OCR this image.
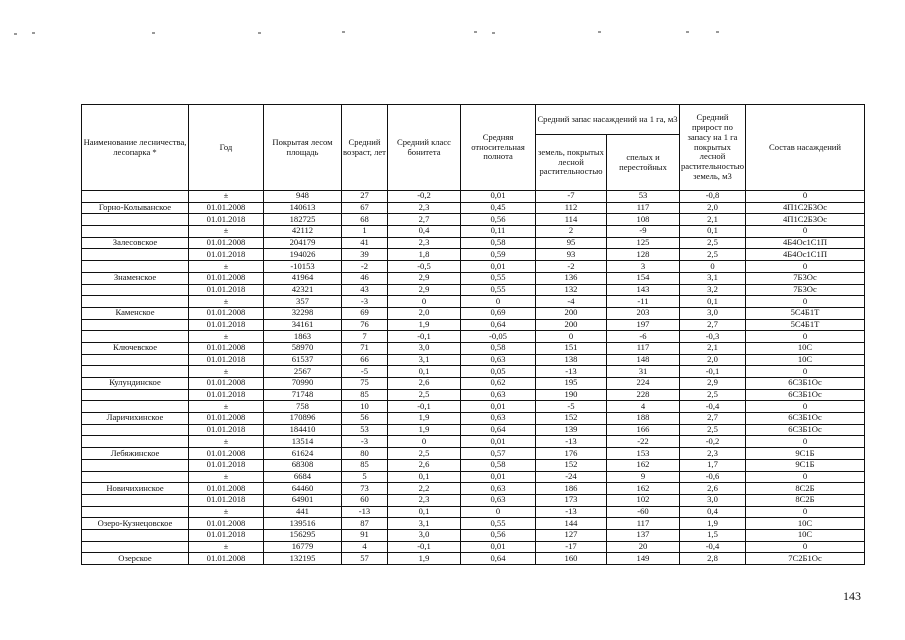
Наименование лесничества, лесопарка *	Год	Покрытая лесом площадь	Средний возраст, лет	Средний класс бонитета	Средняя относительная полнота	Средний запас насаждений на 1 га, м3		Средний прирост по запасу на 1 га покрытых лесной растительностью земель, м3	Состав насаждений
						земель, покрытых лесной растительностью	спелых и перестойных		
	±	948	27	-0,2	0,01	-7	53	-0,8	0
Горно-Колыванское	01.01.2008	140613	67	2,3	0,45	112	117	2,0	4П1С2Б3Ос
	01.01.2018	182725	68	2,7	0,56	114	108	2,1	4П1С2Б3Ос
	±	42112	1	0,4	0,11	2	-9	0,1	0
Залесовское	01.01.2008	204179	41	2,3	0,58	95	125	2,5	4Б4Ос1С1П
	01.01.2018	194026	39	1,8	0,59	93	128	2,5	4Б4Ос1С1П
	±	-10153	-2	-0,5	0,01	-2	3	0	0
Знаменское	01.01.2008	41964	46	2,9	0,55	136	154	3,1	7Б3Ос
	01.01.2018	42321	43	2,9	0,55	132	143	3,2	7Б3Ос
	±	357	-3	0	0	-4	-11	0,1	0
Каменское	01.01.2008	32298	69	2,0	0,69	200	203	3,0	5С4Б1Т
	01.01.2018	34161	76	1,9	0,64	200	197	2,7	5С4Б1Т
	±	1863	7	-0,1	-0,05	0	-6	-0,3	0
Ключевское	01.01.2008	58970	71	3,0	0,58	151	117	2,1	10С
	01.01.2018	61537	66	3,1	0,63	138	148	2,0	10С
	±	2567	-5	0,1	0,05	-13	31	-0,1	0
Кулундинское	01.01.2008	70990	75	2,6	0,62	195	224	2,9	6С3Б1Ос
	01.01.2018	71748	85	2,5	0,63	190	228	2,5	6С3Б1Ос
	±	758	10	-0,1	0,01	-5	4	-0,4	0
Ларичихинское	01.01.2008	170896	56	1,9	0,63	152	188	2,7	6С3Б1Ос
	01.01.2018	184410	53	1,9	0,64	139	166	2,5	6С3Б1Ос
	±	13514	-3	0	0,01	-13	-22	-0,2	0
Лебяжинское	01.01.2008	61624	80	2,5	0,57	176	153	2,3	9С1Б
	01.01.2018	68308	85	2,6	0,58	152	162	1,7	9С1Б
	±	6684	5	0,1	0,01	-24	9	-0,6	0
Новичихинское	01.01.2008	64460	73	2,2	0,63	186	162	2,6	8С2Б
	01.01.2018	64901	60	2,3	0,63	173	102	3,0	8С2Б
	±	441	-13	0,1	0	-13	-60	0,4	0
Озеро-Кузнецовское	01.01.2008	139516	87	3,1	0,55	144	117	1,9	10С
	01.01.2018	156295	91	3,0	0,56	127	137	1,5	10С
	±	16779	4	-0,1	0,01	-17	20	-0,4	0
Озерское	01.01.2008	132195	57	1,9	0,64	160	149	2,8	7С2Б1Ос
143
